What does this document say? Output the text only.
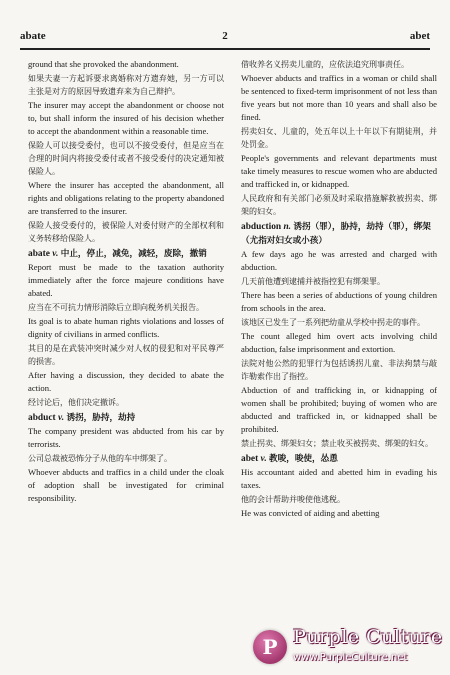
abate	2	abet
ground that she provoked the abandonment.
如果夫妻一方起诉要求离婚称对方遗弃她，另一方可以主张是对方的原因导致遗弃来为自己辩护。
The insurer may accept the abandonment or choose not to, but shall inform the insured of his decision whether to accept the abandonment within a reasonable time.
保险人可以接受委付，也可以不接受委付，但是应当在合理的时间内将接受委付或者不接受委付的决定通知被保险人。
Where the insurer has accepted the abandonment, all rights and obligations relating to the property abandoned are transferred to the insurer.
保险人接受委付的，被保险人对委付财产的全部权利和义务转移给保险人。
abate v. 中止，停止，减免，减轻，废除，撤销
Report must be made to the taxation authority immediately after the force majeure conditions have abated.
应当在不可抗力情形消除后立即向税务机关报告。
Its goal is to abate human rights violations and losses of dignity of civilians in armed conflicts.
其目的是在武装冲突时减少对人权的侵犯和对平民尊严的损害。
After having a discussion, they decided to abate the action.
经讨论后，他们决定撤诉。
abduct v. 诱拐，胁持，劫持
The company president was abducted from his car by terrorists.
公司总裁被恐怖分子从他的车中绑架了。
Whoever abducts and traffics in a child under the cloak of adoption shall be investigated for criminal responsibility.
借收养名义拐卖儿童的，应依法追究刑事责任。
Whoever abducts and traffics in a woman or child shall be sentenced to fixed-term imprisonment of not less than five years but not more than 10 years and shall also be fined.
拐卖妇女、儿童的，处五年以上十年以下有期徒刑，并处罚金。
People's governments and relevant departments must take timely measures to rescue women who are abducted and trafficked in, or kidnapped.
人民政府和有关部门必须及时采取措施解救被拐卖、绑架的妇女。
abduction n. 诱拐（罪），胁持，劫持（罪），绑架（尤指对妇女或小孩）
A few days ago he was arrested and charged with abduction.
几天前他遭到逮捕并被指控犯有绑架罪。
There has been a series of abductions of young children from schools in the area.
该地区已发生了一系列把幼童从学校中拐走的事件。
The count alleged him overt acts involving child abduction, false imprisonment and extortion.
法院对他公然的犯罪行为包括诱拐儿童、非法拘禁与敲诈勒索作出了指控。
Abduction of and trafficking in, or kidnapping of women shall be prohibited; buying of women who are abducted and trafficked in, or kidnapped shall be prohibited.
禁止拐卖、绑架妇女；禁止收买被拐卖、绑架的妇女。
abet v. 教唆，唆使，怂恿
His accountant aided and abetted him in evading his taxes.
他的会计帮助并唆使他逃税。
He was convicted of aiding and abetting
P Purple Culture
www.PurpleCulture.net
